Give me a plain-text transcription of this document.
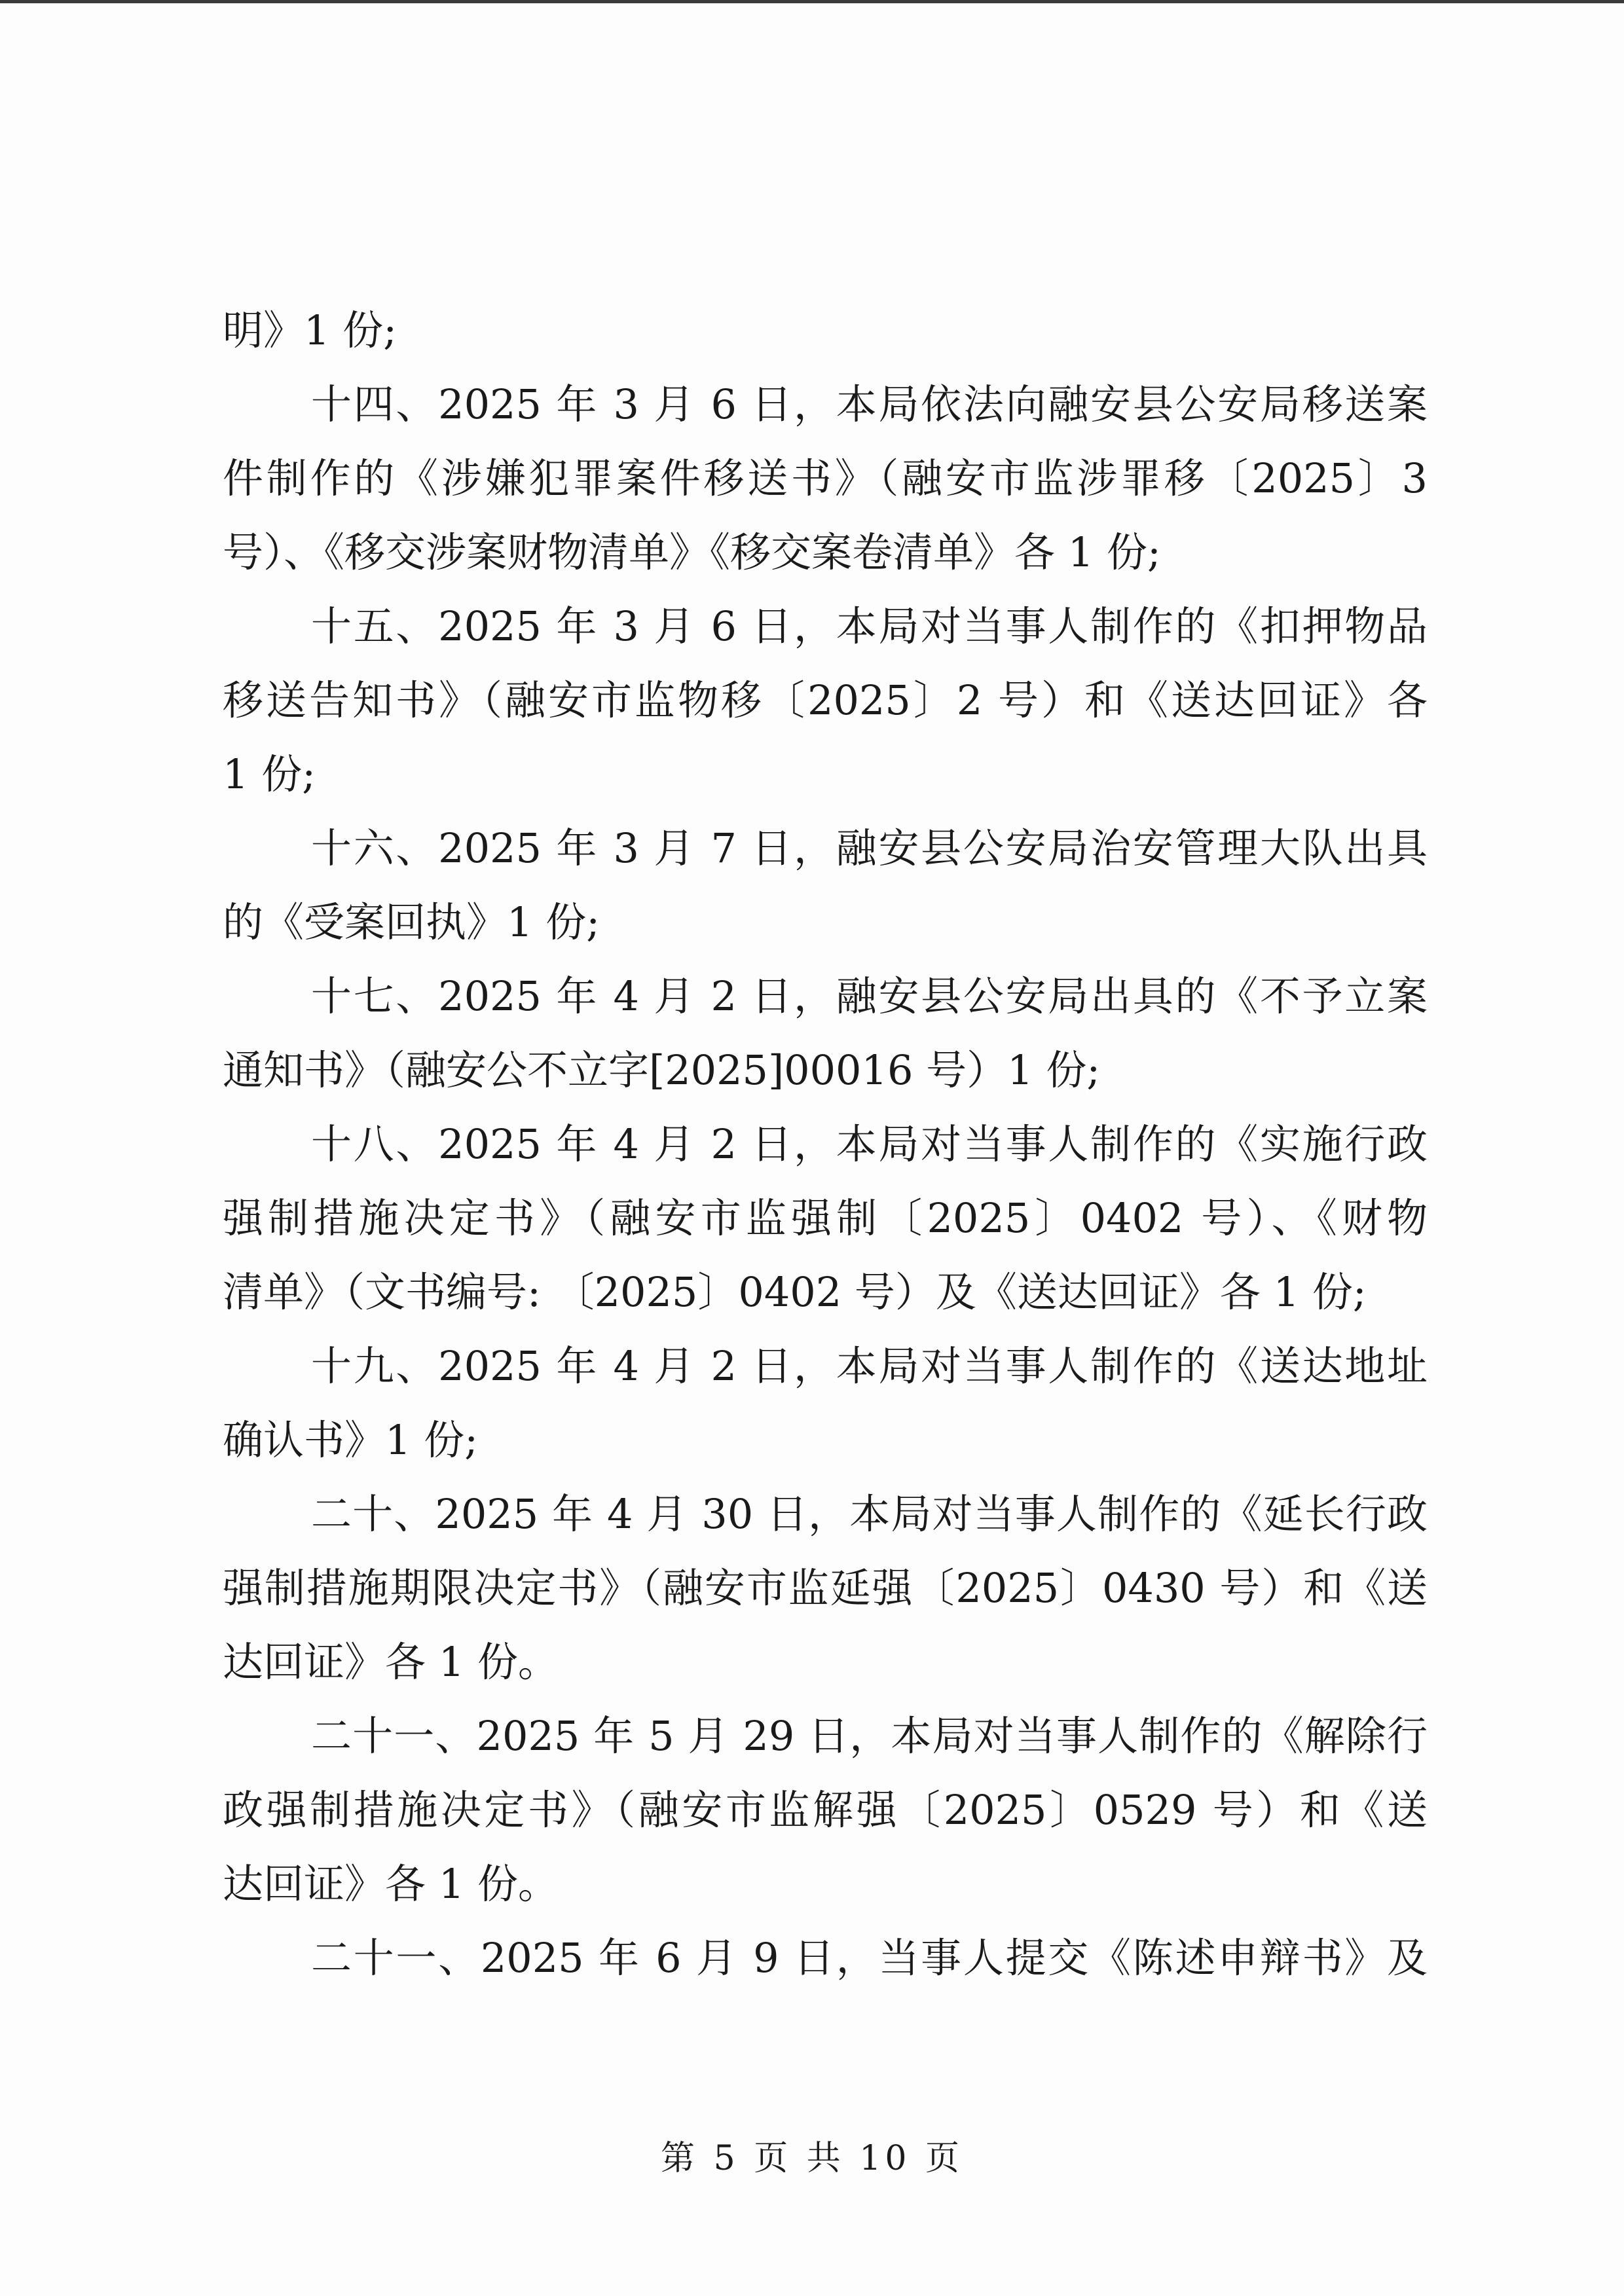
明》1 份;
十四、2025 年 3 月 6 日，本局依法向融安县公安局移送案
件制作的《涉嫌犯罪案件移送书》（融安市监涉罪移〔2025〕3
号）、《移交涉案财物清单》《移交案卷清单》各 1 份;
十五、2025 年 3 月 6 日，本局对当事人制作的《扣押物品
移送告知书》（融安市监物移〔2025〕2 号）和《送达回证》各
1 份;
十六、2025 年 3 月 7 日，融安县公安局治安管理大队出具
的《受案回执》1 份;
十七、2025 年 4 月 2 日，融安县公安局出具的《不予立案
通知书》（融安公不立字[2025]00016 号）1 份;
十八、2025 年 4 月 2 日，本局对当事人制作的《实施行政
强制措施决定书》（融安市监强制〔2025〕0402 号）、《财物
清单》（文书编号: 〔2025〕0402 号）及《送达回证》各 1 份;
十九、2025 年 4 月 2 日，本局对当事人制作的《送达地址
确认书》1 份;
二十、2025 年 4 月 30 日，本局对当事人制作的《延长行政
强制措施期限决定书》（融安市监延强〔2025〕0430 号）和《送
达回证》各 1 份。
二十一、2025 年 5 月 29 日，本局对当事人制作的《解除行
政强制措施决定书》（融安市监解强〔2025〕0529 号）和《送
达回证》各 1 份。
二十一、2025 年 6 月 9 日，当事人提交《陈述申辩书》及
第 5 页 共 10 页
